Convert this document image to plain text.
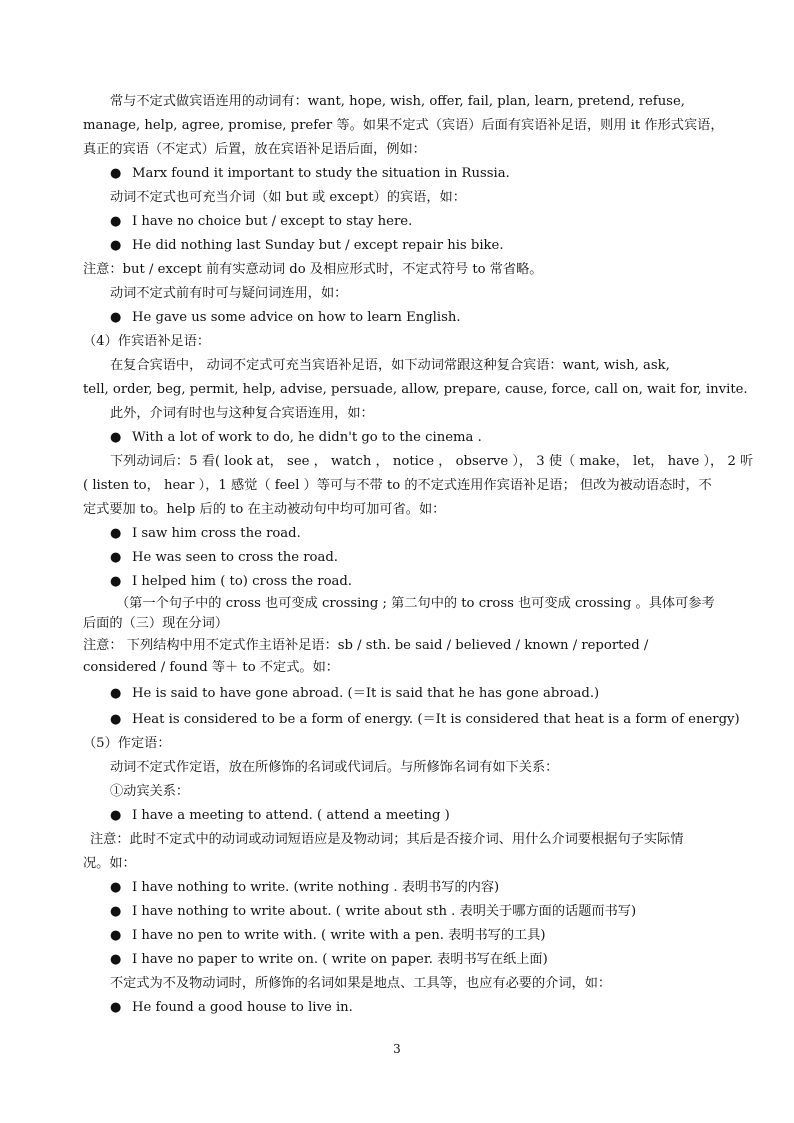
常与不定式做宾语连用的动词有：want, hope, wish, offer, fail, plan, learn, pretend, refuse,
manage, help, agree, promise, prefer 等。如果不定式（宾语）后面有宾语补足语，则用 it 作形式宾语，
真正的宾语（不定式）后置，放在宾语补足语后面，例如：
● Marx found it important to study the situation in Russia.
动词不定式也可充当介词（如 but 或 except）的宾语，如：
● I have no choice but / except to stay here.
● He did nothing last Sunday but / except repair his bike.
注意：but / except 前有实意动词 do 及相应形式时，不定式符号 to 常省略。
动词不定式前有时可与疑问词连用，如：
● He gave us some advice on how to learn English.
（4）作宾语补足语：
在复合宾语中， 动词不定式可充当宾语补足语，如下动词常跟这种复合宾语：want, wish, ask,
tell, order, beg, permit, help, advise, persuade, allow, prepare, cause, force, call on, wait for, invite.
此外，介词有时也与这种复合宾语连用，如：
● With a lot of work to do, he didn't go to the cinema .
下列动词后：5 看( look at， see ， watch ， notice ， observe ）， 3 使（ make， let， have ）， 2 听
( listen to， hear ），1 感觉（ feel ）等可与不带 to 的不定式连用作宾语补足语； 但改为被动语态时，不
定式要加 to。help 后的 to 在主动被动句中均可加可省。如：
● I saw him cross the road.
● He was seen to cross the road.
● I helped him ( to) cross the road.
（第一个句子中的 cross 也可变成 crossing ; 第二句中的 to cross 也可变成 crossing 。具体可参考
后面的（三）现在分词）
注意： 下列结构中用不定式作主语补足语：sb / sth. be said / believed / known / reported /
considered / found 等＋ to 不定式。如：
● He is said to have gone abroad. (＝It is said that he has gone abroad.)
● Heat is considered to be a form of energy. (＝It is considered that heat is a form of energy)
（5）作定语：
动词不定式作定语，放在所修饰的名词或代词后。与所修饰名词有如下关系：
①动宾关系：
● I have a meeting to attend. ( attend a meeting )
注意：此时不定式中的动词或动词短语应是及物动词；其后是否接介词、用什么介词要根据句子实际情
况。如：
● I have nothing to write. (write nothing . 表明书写的内容)
● I have nothing to write about. ( write about sth . 表明关于哪方面的话题而书写)
● I have no pen to write with. ( write with a pen. 表明书写的工具)
● I have no paper to write on. ( write on paper. 表明书写在纸上面)
不定式为不及物动词时，所修饰的名词如果是地点、工具等，也应有必要的介词，如：
● He found a good house to live in.
3
